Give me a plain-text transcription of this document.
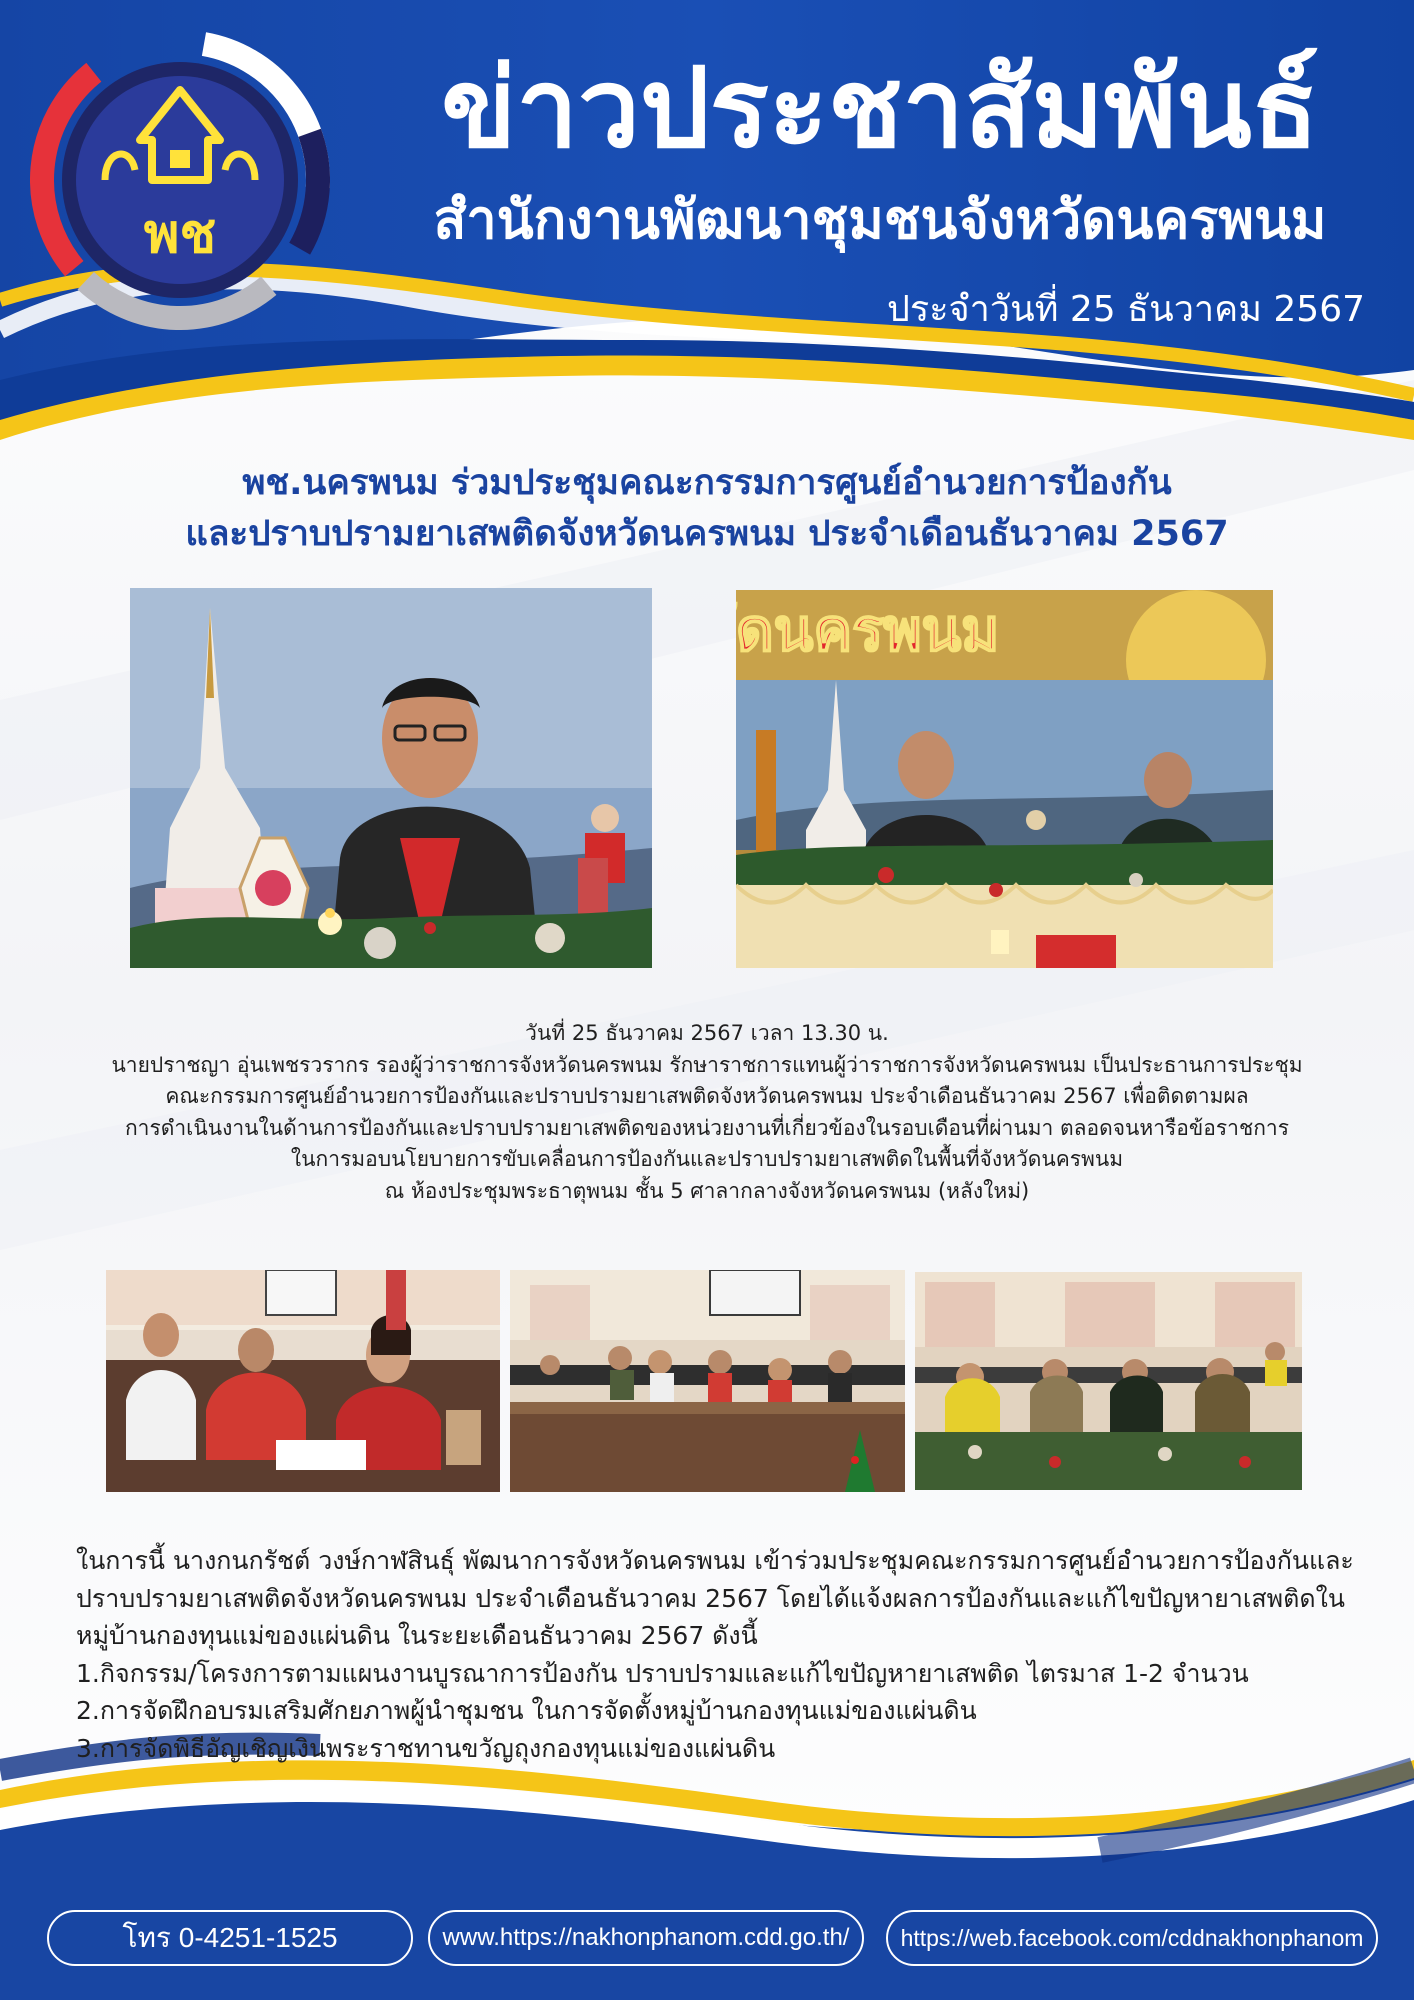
พช
ข่าวประชาสัมพันธ์
สำนักงานพัฒนาชุมชนจังหวัดนครพนม
ประจำวันที่ 25 ธันวาคม 2567
พช.นครพนม ร่วมประชุมคณะกรรมการศูนย์อำนวยการป้องกัน
และปราบปรามยาเสพติดจังหวัดนครพนม ประจำเดือนธันวาคม 2567
ัดนครพนม
วันที่ 25 ธันวาคม 2567 เวลา 13.30 น.
นายปราชญา อุ่นเพชรวรากร รองผู้ว่าราชการจังหวัดนครพนม รักษาราชการแทนผู้ว่าราชการจังหวัดนครพนม เป็นประธานการประชุม
คณะกรรมการศูนย์อำนวยการป้องกันและปราบปรามยาเสพติดจังหวัดนครพนม ประจำเดือนธันวาคม 2567 เพื่อติดตามผล
การดำเนินงานในด้านการป้องกันและปราบปรามยาเสพติดของหน่วยงานที่เกี่ยวข้องในรอบเดือนที่ผ่านมา ตลอดจนหารือข้อราชการ
ในการมอบนโยบายการขับเคลื่อนการป้องกันและปราบปรามยาเสพติดในพื้นที่จังหวัดนครพนม
ณ ห้องประชุมพระธาตุพนม ชั้น 5 ศาลากลางจังหวัดนครพนม (หลังใหม่)

ในการนี้ นางกนกรัชต์ วงษ์กาฬสินธุ์ พัฒนาการจังหวัดนครพนม เข้าร่วมประชุมคณะกรรมการศูนย์อำนวยการป้องกันและปราบปรามยาเสพติดจังหวัดนครพนม ประจำเดือนธันวาคม 2567 โดยได้แจ้งผลการป้องกันและแก้ไขปัญหายาเสพติดในหมู่บ้านกองทุนแม่ของแผ่นดิน ในระยะเดือนธันวาคม 2567 ดังนี้

1.กิจกรรม/โครงการตามแผนงานบูรณาการป้องกัน ปราบปรามและแก้ไขปัญหายาเสพติด ไตรมาส 1-2 จำนวน

2.การจัดฝึกอบรมเสริมศักยภาพผู้นำชุมชน ในการจัดตั้งหมู่บ้านกองทุนแม่ของแผ่นดิน

3.การจัดพิธีอัญเชิญเงินพระราชทานขวัญถุงกองทุนแม่ของแผ่นดิน

โทร 0-4251-1525	www.https://nakhonphanom.cdd.go.th/ https://web.facebook.com/cddnakhonphanom
